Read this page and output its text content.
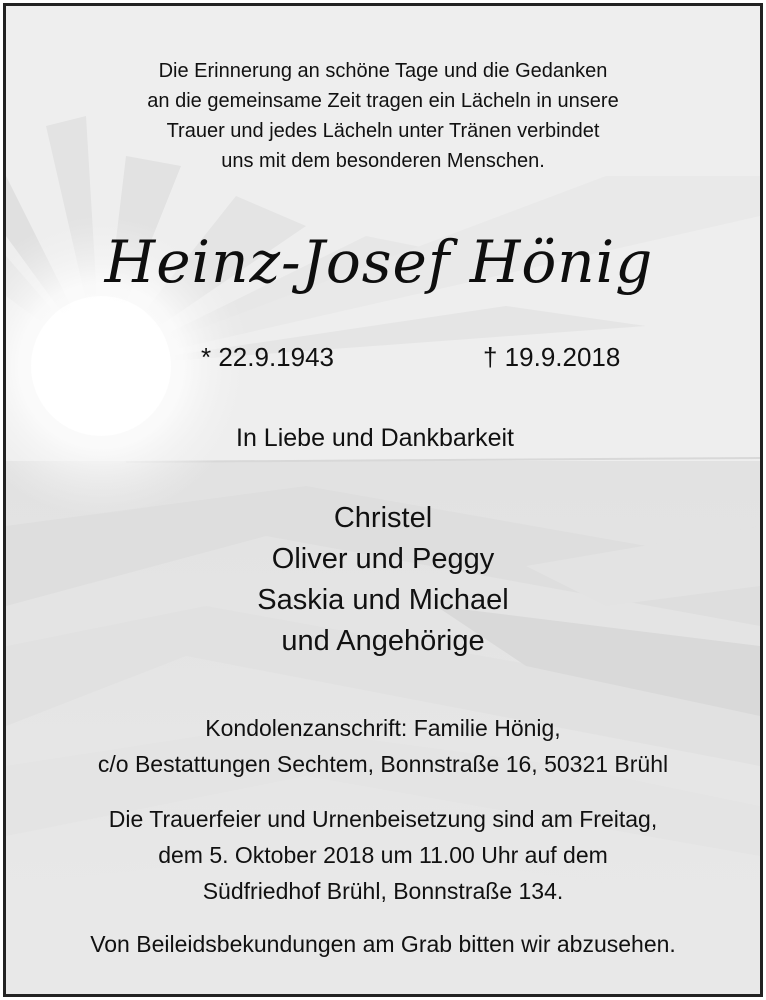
Die Erinnerung an schöne Tage und die Gedanken
an die gemeinsame Zeit tragen ein Lächeln in unsere
Trauer und jedes Lächeln unter Tränen verbindet
uns mit dem besonderen Menschen.
Heinz-Josef Hönig
* 22.9.1943	† 19.9.2018
In Liebe und Dankbarkeit
Christel
Oliver und Peggy
Saskia und Michael
und Angehörige
Kondolenzanschrift: Familie Hönig,
c/o Bestattungen Sechtem, Bonnstraße 16, 50321 Brühl
Die Trauerfeier und Urnenbeisetzung sind am Freitag,
dem 5. Oktober 2018 um 11.00 Uhr auf dem
Südfriedhof Brühl, Bonnstraße 134.
Von Beileidsbekundungen am Grab bitten wir abzusehen.
